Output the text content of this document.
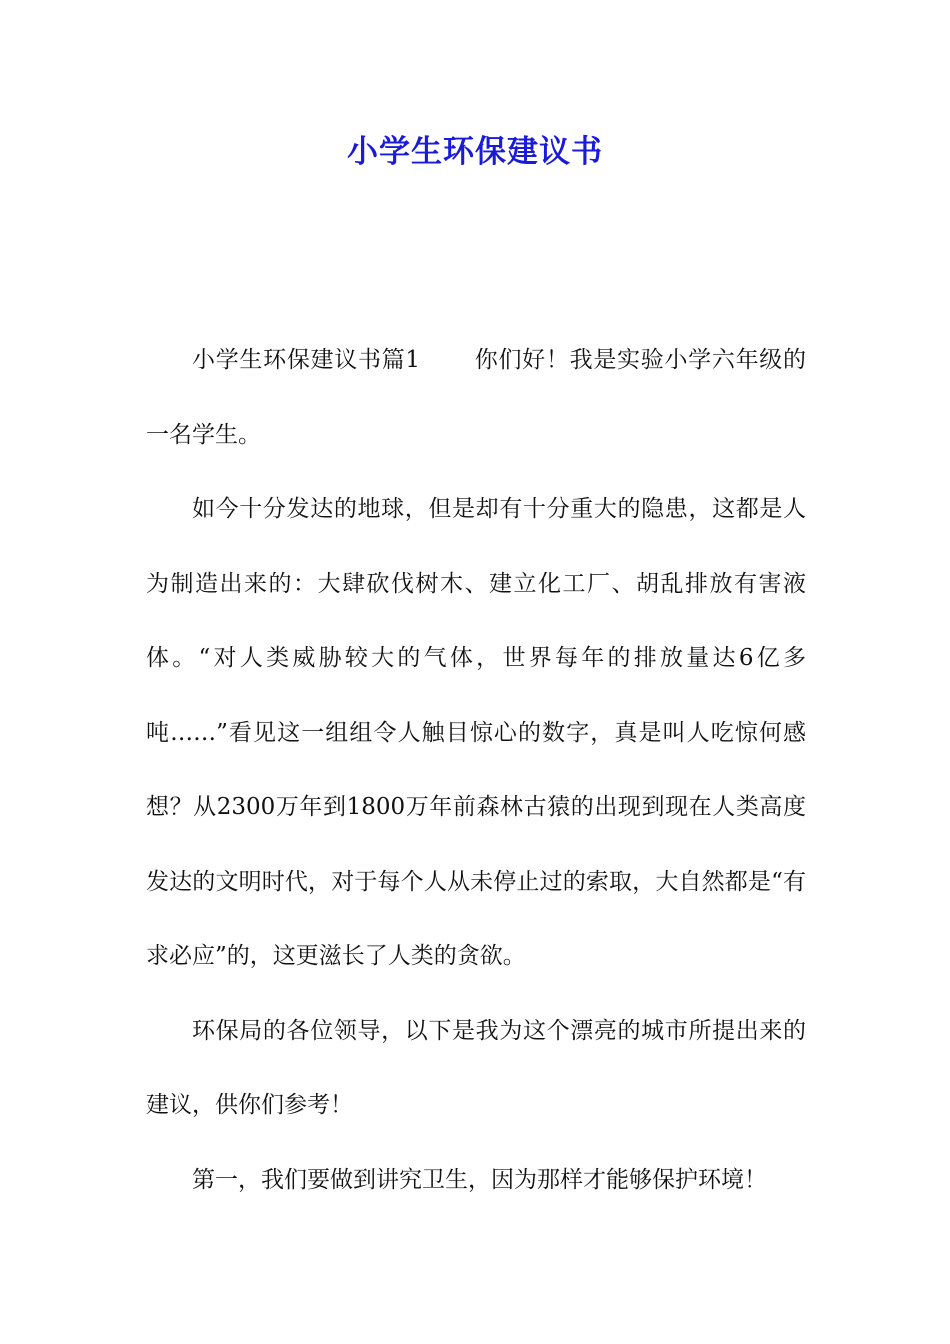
小学生环保建议书

小学生环保建议书篇1 你们好！我是实验小学六年级的一名学生。

如今十分发达的地球，但是却有十分重大的隐患，这都是人为制造出来的：大肆砍伐树木、建立化工厂、胡乱排放有害液体。“对人类威胁较大的气体，世界每年的排放量达6亿多吨……”看见这一组组令人触目惊心的数字，真是叫人吃惊何感想？从2300万年到1800万年前森林古猿的出现到现在人类高度发达的文明时代，对于每个人从未停止过的索取，大自然都是“有求必应”的，这更滋长了人类的贪欲。

环保局的各位领导，以下是我为这个漂亮的城市所提出来的建议，供你们参考！

第一，我们要做到讲究卫生，因为那样才能够保护环境！
